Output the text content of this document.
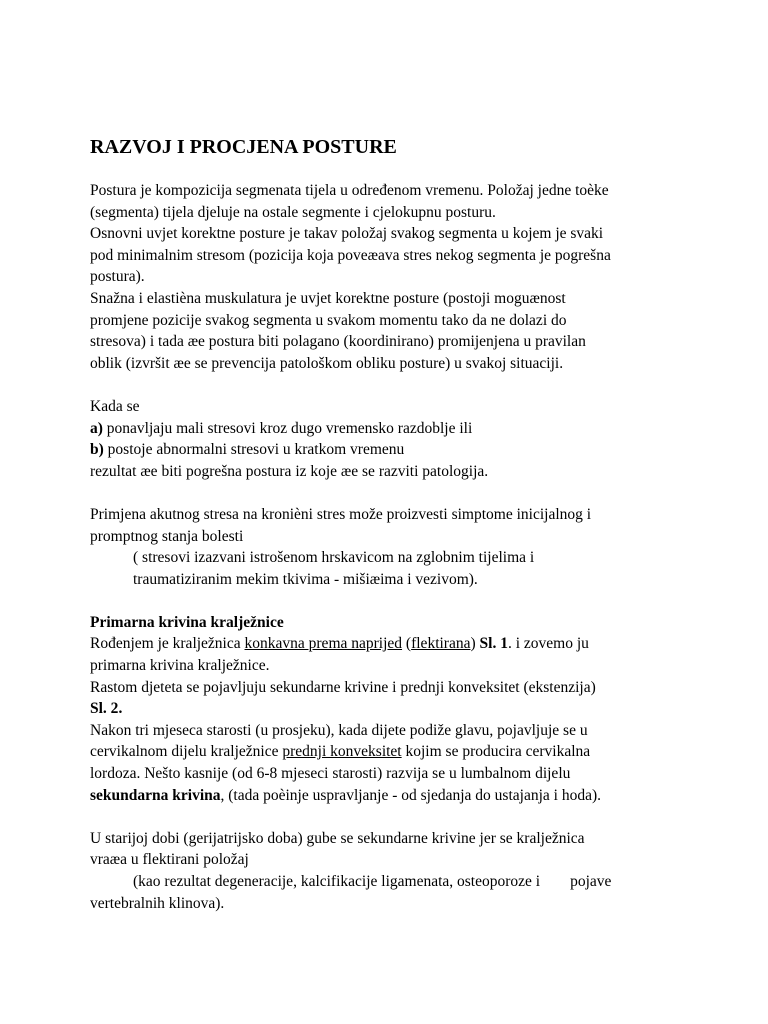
RAZVOJ I PROCJENA POSTURE
Postura je kompozicija segmenata tijela u određenom vremenu. Položaj jedne toèke
(segmenta) tijela djeluje na ostale segmente i cjelokupnu posturu.
Osnovni uvjet korektne posture je takav položaj svakog segmenta u kojem je svaki
pod minimalnim stresom (pozicija koja poveæava stres nekog segmenta je pogrešna
postura).
Snažna i elastièna muskulatura je uvjet korektne posture (postoji moguænost
promjene pozicije svakog segmenta u svakom momentu tako da ne dolazi do
stresova) i tada æe postura biti polagano (koordinirano) promijenjena u pravilan
oblik (izvršit æe se prevencija patološkom obliku posture) u svakoj situaciji.
Kada se
a) ponavljaju mali stresovi kroz dugo vremensko razdoblje ili
b) postoje abnormalni stresovi u kratkom vremenu
rezultat æe biti pogrešna postura iz koje æe se razviti patologija.
Primjena akutnog stresa na kronièni stres može proizvesti simptome inicijalnog i
promptnog stanja bolesti
( stresovi izazvani istrošenom hrskavicom na zglobnim tijelima i
traumatiziranim mekim tkivima - mišiæima i vezivom).
Primarna krivina kralježnice
Rođenjem je kralježnica konkavna prema naprijed (flektirana) Sl. 1. i zovemo ju
primarna krivina kralježnice.
Rastom djeteta se pojavljuju sekundarne krivine i prednji konveksitet (ekstenzija)
Sl. 2.
Nakon tri mjeseca starosti (u prosjeku), kada dijete podiže glavu, pojavljuje se u
cervikalnom dijelu kralježnice prednji konveksitet kojim se producira cervikalna
lordoza. Nešto kasnije (od 6-8 mjeseci starosti) razvija se u lumbalnom dijelu
sekundarna krivina, (tada poèinje uspravljanje - od sjedanja do ustajanja i hoda).
U starijoj dobi (gerijatrijsko doba) gube se sekundarne krivine jer se kralježnica
vraæa u flektirani položaj
(kao rezultat degeneracije, kalcifikacije ligamenata, osteoporoze i pojave
vertebralnih klinova).
